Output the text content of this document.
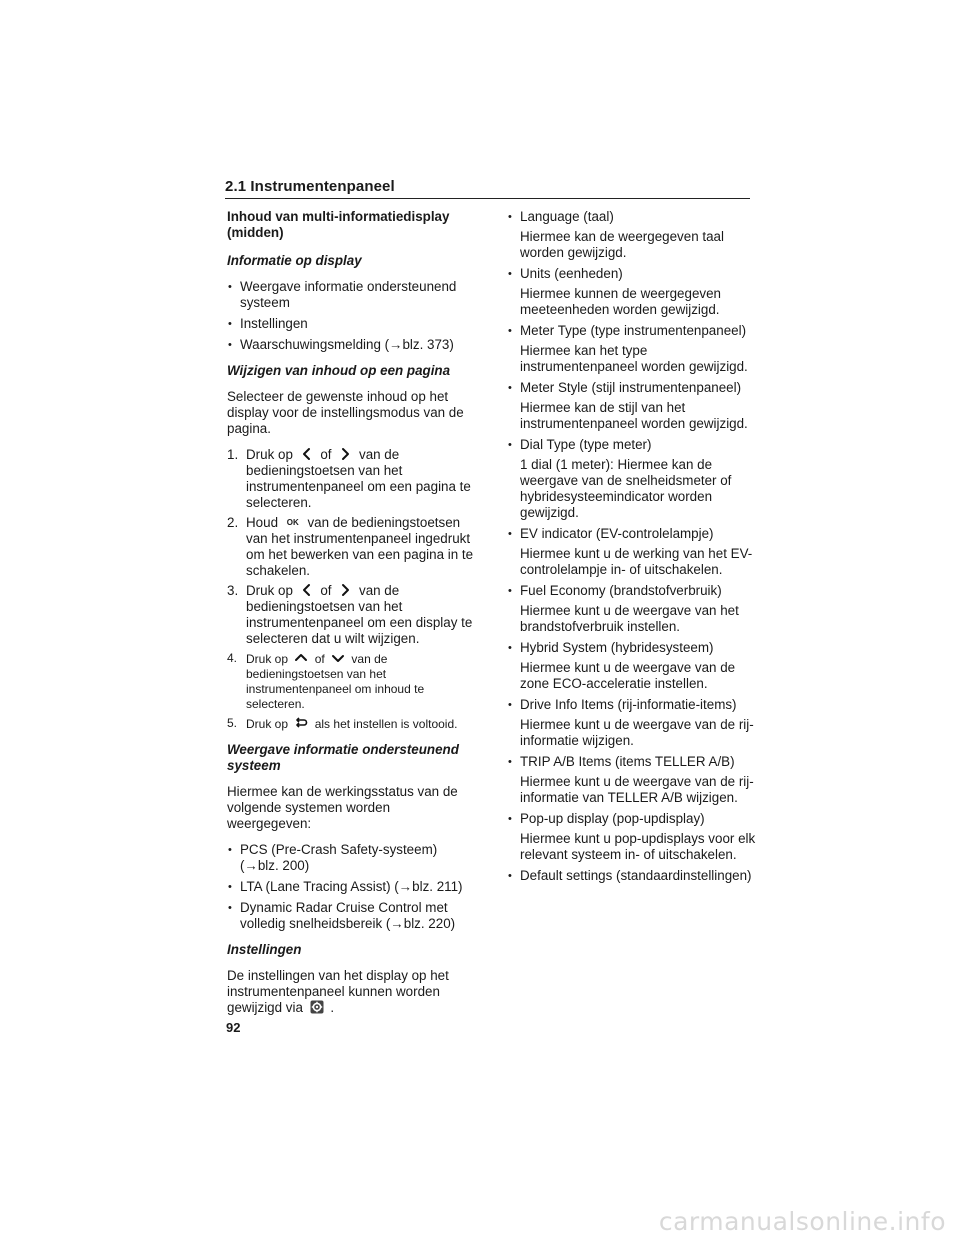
2.1 Instrumentenpaneel
Inhoud van multi-informatiedisplay (midden)
Informatie op display
• Weergave informatie ondersteunend systeem
• Instellingen
• Waarschuwingsmelding (→blz. 373)
Wijzigen van inhoud op een pagina

Selecteer de gewenste inhoud op het display voor de instellingsmodus van de pagina.

1. Druk op of van de bedieningstoetsen van het instrumentenpaneel om een pagina te selecteren.
2. Houd OK van de bedieningstoetsen van het instrumentenpaneel ingedrukt om het bewerken van een pagina in te schakelen.
3. Druk op of van de bedieningstoetsen van het instrumentenpaneel om een display te selecteren dat u wilt wijzigen.
4. Druk op of van de bedieningstoetsen van het instrumentenpaneel om inhoud te selecteren.
5. Druk op als het instellen is voltooid.
Weergave informatie ondersteunend systeem

Hiermee kan de werkingsstatus van de volgende systemen worden weergegeven:

• PCS (Pre-Crash Safety-systeem) (→blz. 200)
• LTA (Lane Tracing Assist) (→blz. 211)
• Dynamic Radar Cruise Control met volledig snelheidsbereik (→blz. 220)
Instellingen

De instellingen van het display op het instrumentenpaneel kunnen worden gewijzigd via .

• Language (taal)
Hiermee kan de weergegeven taal worden gewijzigd.
• Units (eenheden)
Hiermee kunnen de weergegeven meeteenheden worden gewijzigd.
• Meter Type (type instrumentenpaneel)
Hiermee kan het type instrumentenpaneel worden gewijzigd.
• Meter Style (stijl instrumentenpaneel)
Hiermee kan de stijl van het instrumentenpaneel worden gewijzigd.
• Dial Type (type meter)
1 dial (1 meter): Hiermee kan de weergave van de snelheidsmeter of hybridesysteemindicator worden gewijzigd.
• EV indicator (EV-controlelampje)
Hiermee kunt u de werking van het EV-controlelampje in- of uitschakelen.
• Fuel Economy (brandstofverbruik)
Hiermee kunt u de weergave van het brandstofverbruik instellen.
• Hybrid System (hybridesysteem)
Hiermee kunt u de weergave van de zone ECO-acceleratie instellen.
• Drive Info Items (rij-informatie-items)
Hiermee kunt u de weergave van de rij-informatie wijzigen.
• TRIP A/B Items (items TELLER A/B)
Hiermee kunt u de weergave van de rij-informatie van TELLER A/B wijzigen.
• Pop-up display (pop-updisplay)
Hiermee kunt u pop-updisplays voor elk relevant systeem in- of uitschakelen.
• Default settings (standaardinstellingen)
92
carmanualsonline.info
